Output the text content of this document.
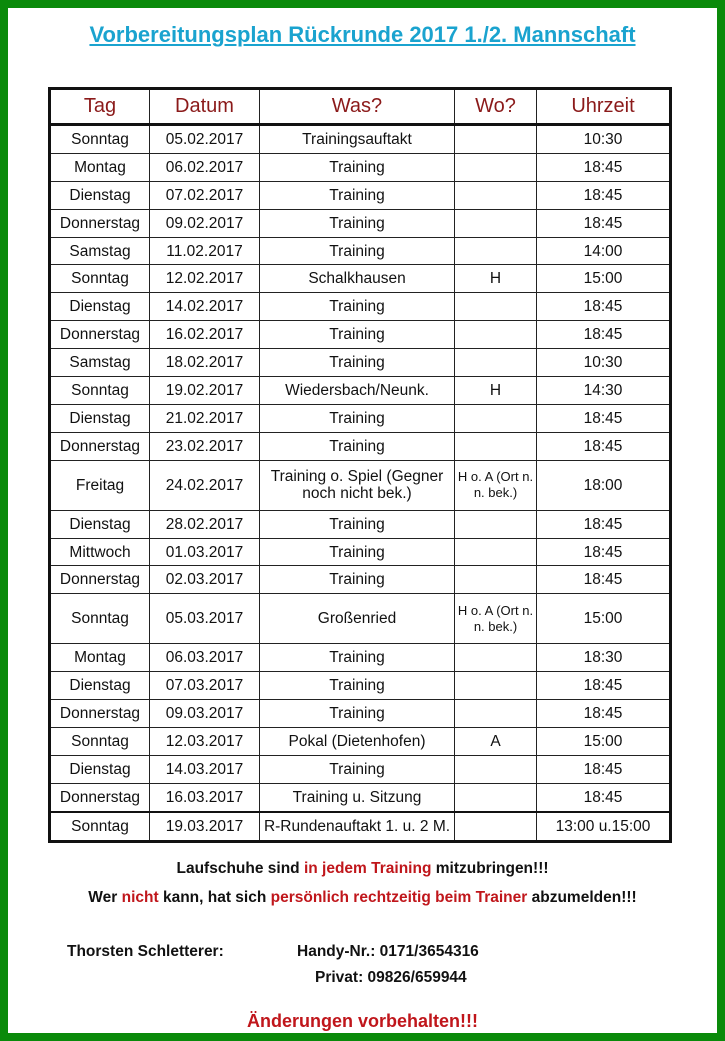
Vorbereitungsplan Rückrunde 2017 1./2. Mannschaft
Tag	Datum	Was?	Wo?	Uhrzeit
Sonntag	05.02.2017	Trainingsauftakt		10:30
Montag	06.02.2017	Training		18:45
Dienstag	07.02.2017	Training		18:45
Donnerstag	09.02.2017	Training		18:45
Samstag	11.02.2017	Training		14:00
Sonntag	12.02.2017	Schalkhausen	H	15:00
Dienstag	14.02.2017	Training		18:45
Donnerstag	16.02.2017	Training		18:45
Samstag	18.02.2017	Training		10:30
Sonntag	19.02.2017	Wiedersbach/Neunk.	H	14:30
Dienstag	21.02.2017	Training		18:45
Donnerstag	23.02.2017	Training		18:45
Freitag	24.02.2017	Training o. Spiel (Gegner noch nicht bek.)	H o. A (Ort n. n. bek.)	18:00
Dienstag	28.02.2017	Training		18:45
Mittwoch	01.03.2017	Training		18:45
Donnerstag	02.03.2017	Training		18:45
Sonntag	05.03.2017	Großenried	H o. A (Ort n. n. bek.)	15:00
Montag	06.03.2017	Training		18:30
Dienstag	07.03.2017	Training		18:45
Donnerstag	09.03.2017	Training		18:45
Sonntag	12.03.2017	Pokal (Dietenhofen)	A	15:00
Dienstag	14.03.2017	Training		18:45
Donnerstag	16.03.2017	Training u. Sitzung		18:45
Sonntag	19.03.2017	R-Rundenauftakt 1. u. 2 M.		13:00 u.15:00
Laufschuhe sind in jedem Training mitzubringen!!!
Wer nicht kann, hat sich persönlich rechtzeitig beim Trainer abzumelden!!!
Thorsten Schletterer:	Handy-Nr.: 0171/3654316
Privat: 09826/659944
Änderungen vorbehalten!!!
